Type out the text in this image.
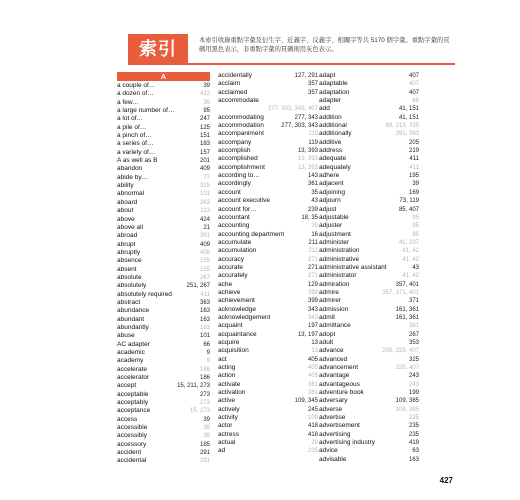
索引	本索引收錄重點字彙及衍生字、近義字、反義字、相關字等共 5170 個字彙。重點字彙的頁碼用黑色表示，非重點字彙的頁碼則用灰色表示。
A
a couple of…	39
a dozen of…	422
a few…	39
a large number of…	95
a lot of…	247
a pile of…	125
a pinch of…	151
a series of…	183
a variety of…	157
A as well as B	201
abandon	409
abide by…	77
ability	325
abnormal	101
aboard	263
about	113
above	424
above all	21
abroad	391
abrupt	409
abruptly	409
absence	155
absent	155
absolute	267
absolutely	251, 267
absolutely required	411
abstract	363
abundance	163
abundant	163
abundantly	163
abuse	101
AC adapter	66
academic	9
academy	9
accelerate	186
accelerator	186
accept	15, 211, 273
acceptable	273
acceptably	273
acceptance	15, 273
access	39
accessible	39
accessibly	39
accessory	185
accident	291
accidental	291
accidentally	127, 291
acclaim	357
acclaimed	357
accommodate
277, 303, 343, 407
accommodating	277, 343
accommodation	277, 303, 343
accompaniment	119
accompany	119
accomplish	13, 393
accomplished	13, 393
accomplishment	13, 393
according to…	143
accordingly	361
account	35
account executive	43
account for…	239
accountant	18, 35
accounting	35
accounting department	16
accumulate	211
accumulation	211
accuracy	271
accurate	271
accurately	271
ache	129
achieve	399
achievement	399
acknowledge	343
acknowledgement	343
acquaint	197
acquaintance	13, 197
acquire	13
acquisition	13
act	405
acting	405
action	405
activate	381
activation	381
active	109, 345
actively	245
activity	109
actor	418
actress	418
actual	29
ad	235
adapt	407
adaptable	407
adaptation	407
adapter	66
add	41, 151
addition	41, 151
additional	69, 213, 335
additionally	391, 393
additive	205
address	219
adequate	411
adequately	411
adhere	195
adjacent	39
adjoining	169
adjourn	73, 119
adjust	85, 407
adjustable	95
adjuster	95
adjustment	95
administer	41, 237
administration	41, 42
administrative	41, 42
administrative assistant	43
administrator	41, 42
admiration	357, 401
admire	357, 371, 401
admirer	371
admission	161, 361
admit	161, 361
admittance	361
adopt	267
adult	353
advance	205, 325, 407
advanced	325
advancement	325, 407
advantage	243
advantageous	243
adventure book	199
adversary	109, 385
adverse	109, 385
advertise	235
advertisement	235
advertising	235
advertising industry	419
advice	63
advisable	163
427
